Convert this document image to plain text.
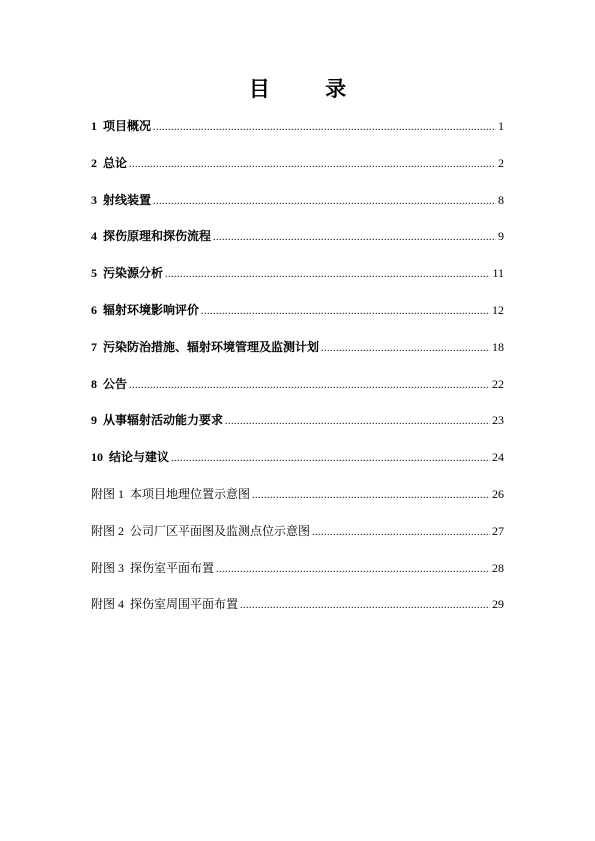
目 录
1 项目概况 .....	1
2 总论 .....	2
3 射线装置 .....	8
4 探伤原理和探伤流程 .....	9
5 污染源分析 .....	11
6 辐射环境影响评价 .....	12
7 污染防治措施、辐射环境管理及监测计划 .....	18
8 公告 .....	22
9 从事辐射活动能力要求 .....	23
10 结论与建议 .....	24
附图 1 本项目地理位置示意图 .....	26
附图 2 公司厂区平面图及监测点位示意图 .....	27
附图 3 探伤室平面布置 .....	28
附图 4 探伤室周围平面布置 .....	29
